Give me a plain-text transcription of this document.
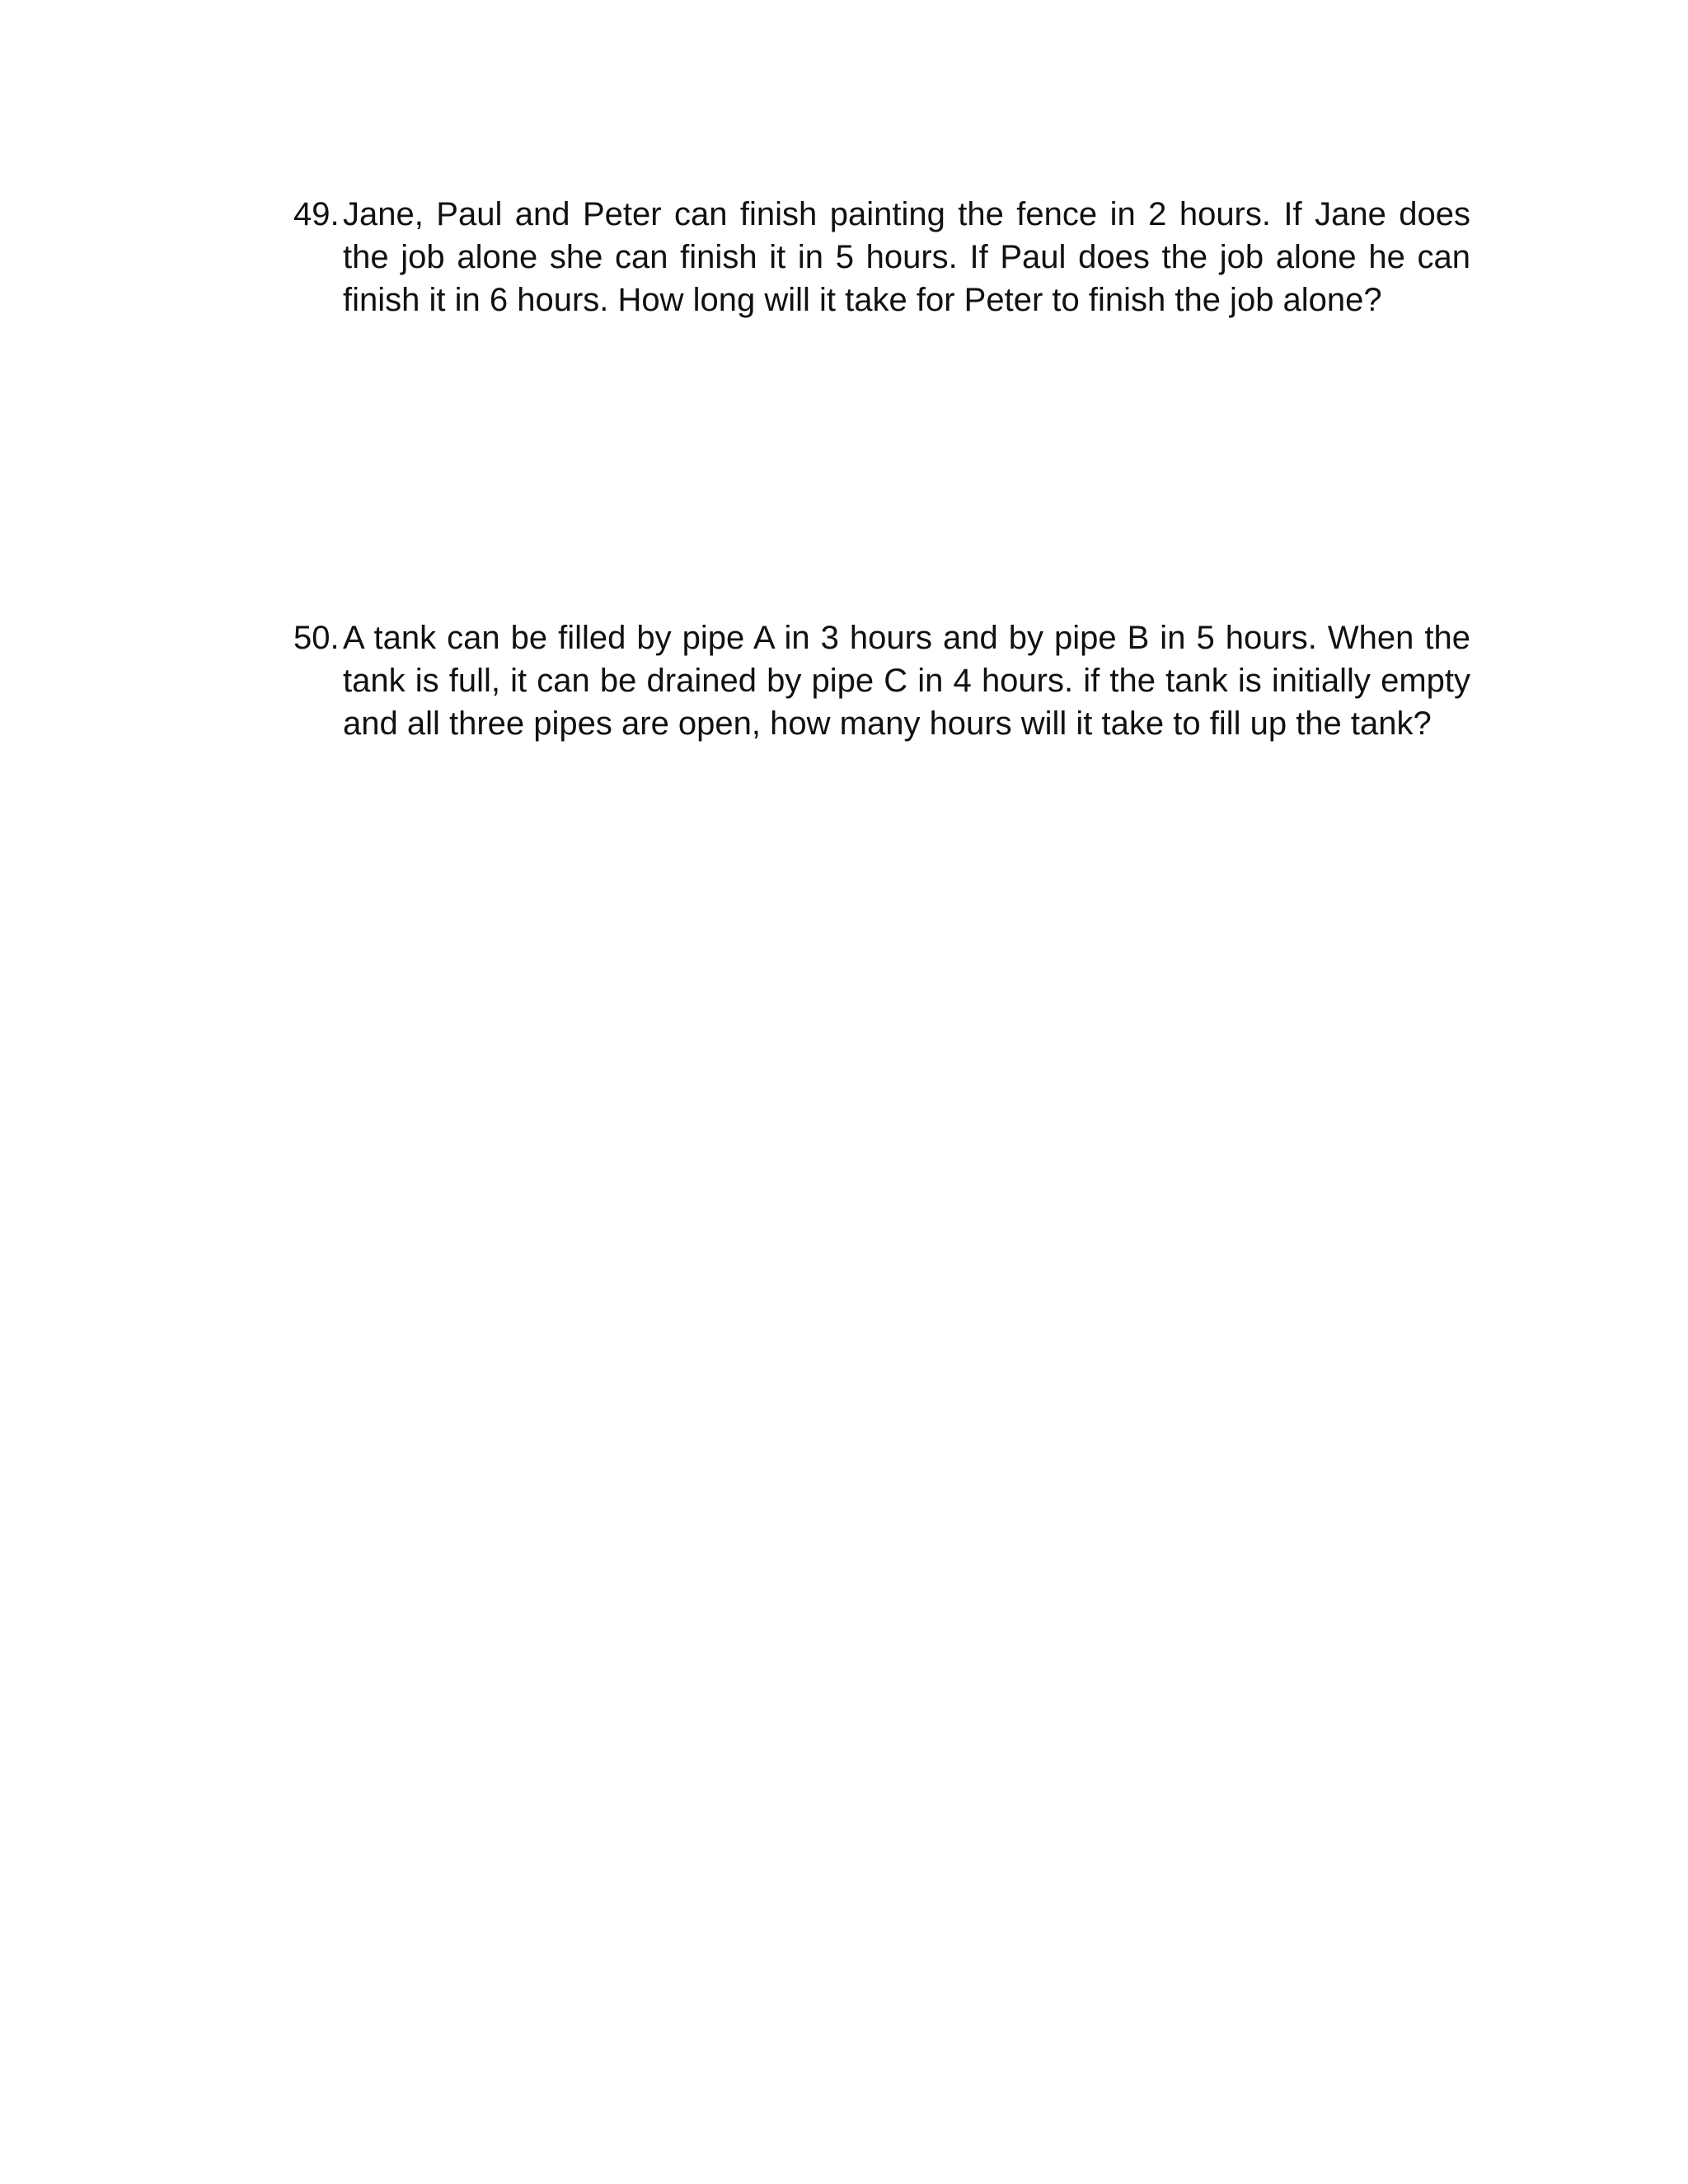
49. Jane, Paul and Peter can finish painting the fence in 2 hours. If Jane does the job alone she can finish it in 5 hours. If Paul does the job alone he can finish it in 6 hours. How long will it take for Peter to finish the job alone?
50. A tank can be filled by pipe A in 3 hours and by pipe B in 5 hours. When the tank is full, it can be drained by pipe C in 4 hours. if the tank is initially empty and all three pipes are open, how many hours will it take to fill up the tank?
